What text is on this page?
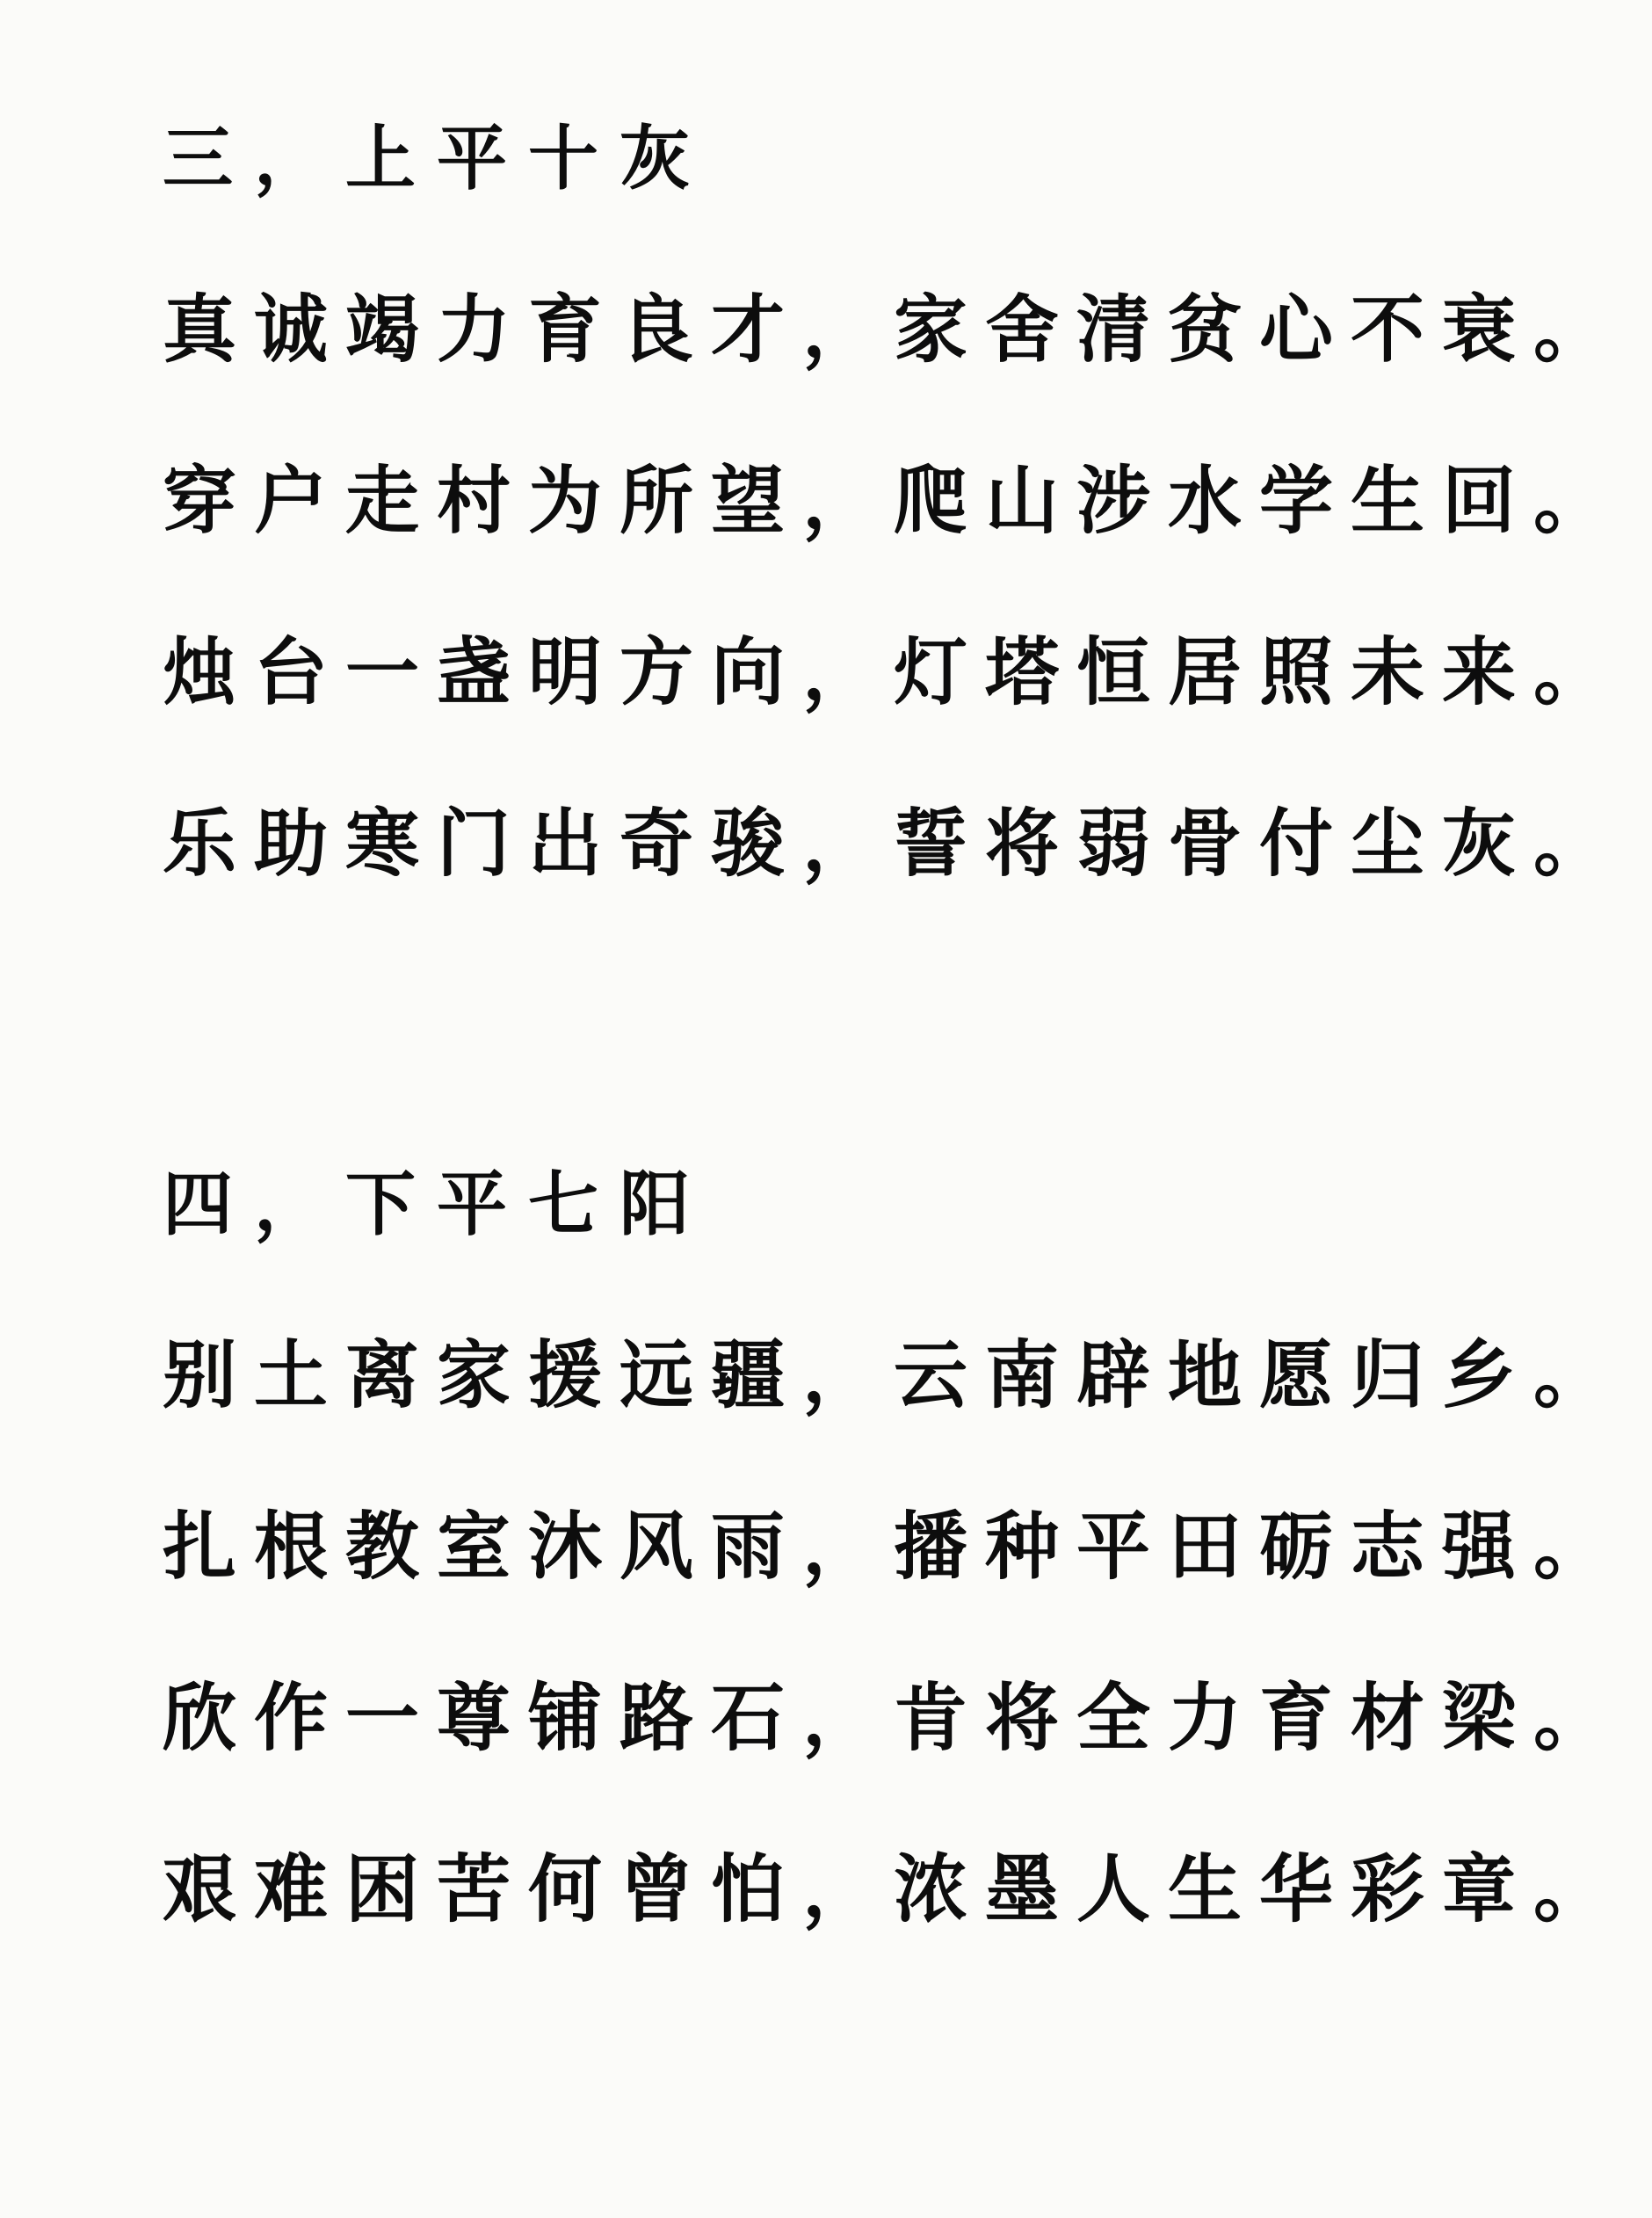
三，上平十灰
真诚竭力育良才，家舍清贫心不衰。
穿户走村为所望，爬山涉水学生回。
烛台一盏明方向，灯塔恒居照未来。
乐助寒门出奇骏，誓将弱骨付尘灰。
四，下平七阳
别土离家援远疆，云南辟地愿归乡。
扎根教室沐风雨，播种平田砺志强。
欣作一尊铺路石，肯将全力育材梁。
艰难困苦何曾怕，浓墨人生华彩章。
